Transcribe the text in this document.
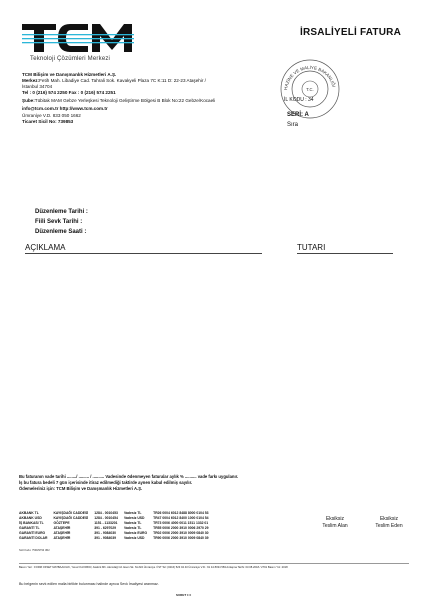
Teknoloji Çözümleri Merkezi
İRSALİYELİ FATURA
TCM Bilişim ve Danışmanlık Hizmetleri A.Ş.
Merkez:Fetih Mah. Libadiye Cad. Tahrali Sok. Kavakyeli Plaza 7C K:11 D: 22-23 Ataşehir / İstanbul 34704
Tel : 0 (216) 574 2250 Fax : 0 (216) 574 2251
Şube:Tübitak MAM Gebze Yerleşkesi Teknoloji Geliştirme Bölgesi B Blok No:22 Gebze/Kocaeli
info@tcm.com.tr http://www.tcm.com.tr
Ümraniye V.D. 833 050 1662
Ticaret Sicil No: 739853
HAZİNE VE MALİYE BAKANLIĞI
T.C.
İL KODU : 34
SERİ: A
Sıra
Düzenleme Tarihi :
Fiili Sevk Tarihi :
Düzenleme Saati :
AÇIKLAMA	TUTARI
Bu faturanın vade tarihi ......../ ......... / .......... Vadesinde ödenmeyen faturalar aylık % .......... vade farkı uygulanır.
İş bu fatura bedeli 7 gün içerisinde itiraz edilmediği taktirde aynen kabul edilmiş sayılır.
Ödemeleriniz için: TCM Bilişim ve Danışmanlık Hizmetleri A.Ş.
AKBANK TL	KAYIŞDAĞI CADDESİ	1284 - 0010453	Vadesiz TL	TR26 0004 6012 8488 8000 0104 53
AKBANK USD	KAYIŞDAĞI CADDESİ	1284 - 0010454	Vadesiz USD	TR47 0004 6012 8400 1000 0104 54
İŞ BANKASI TL	GÖZTEPE	1151 - 1133201	Vadesiz TL	TR73 0006 4000 0011 1511 1332 01
GARANTİ TL	ATAŞEHİR	391 - 6297029	Vadesiz TL	TR55 0006 2000 3910 0006 2970 29
GARANTİ EURO	ATAŞEHİR	391 - 9084030	Vadesiz EURO	TR02 0006 2000 3910 0009 0840 30
GARANTİ DOLAR	ATAŞEHİR	391 - 9084039	Vadesiz USD	TR90 0006 2000 3910 0009 0840 39
Sicil Kodu: 7590/9793 3R2
Eksiksiz
Teslim Alan
Eksiksiz
Teslim Eden
Basım Yeri : FORM OFSET MATBAACILIK, Yavuz KAYABICI; Atatürk Mh. Alemdağ Cd. Esen Sk. No:8/A Ümraniye / İST Tel: (0216) 523 04 43 Ümraniye V.D.: 91 44 8034 583 Anlaşma Tarihi: 03.08.2018 / 2791 Basım Yılı: 2018
Bu belgenin sevk edilen malla birlikte bulunması halinde ayrıca Sevk İrsaliyesi aranmaz.
SURET I I I
